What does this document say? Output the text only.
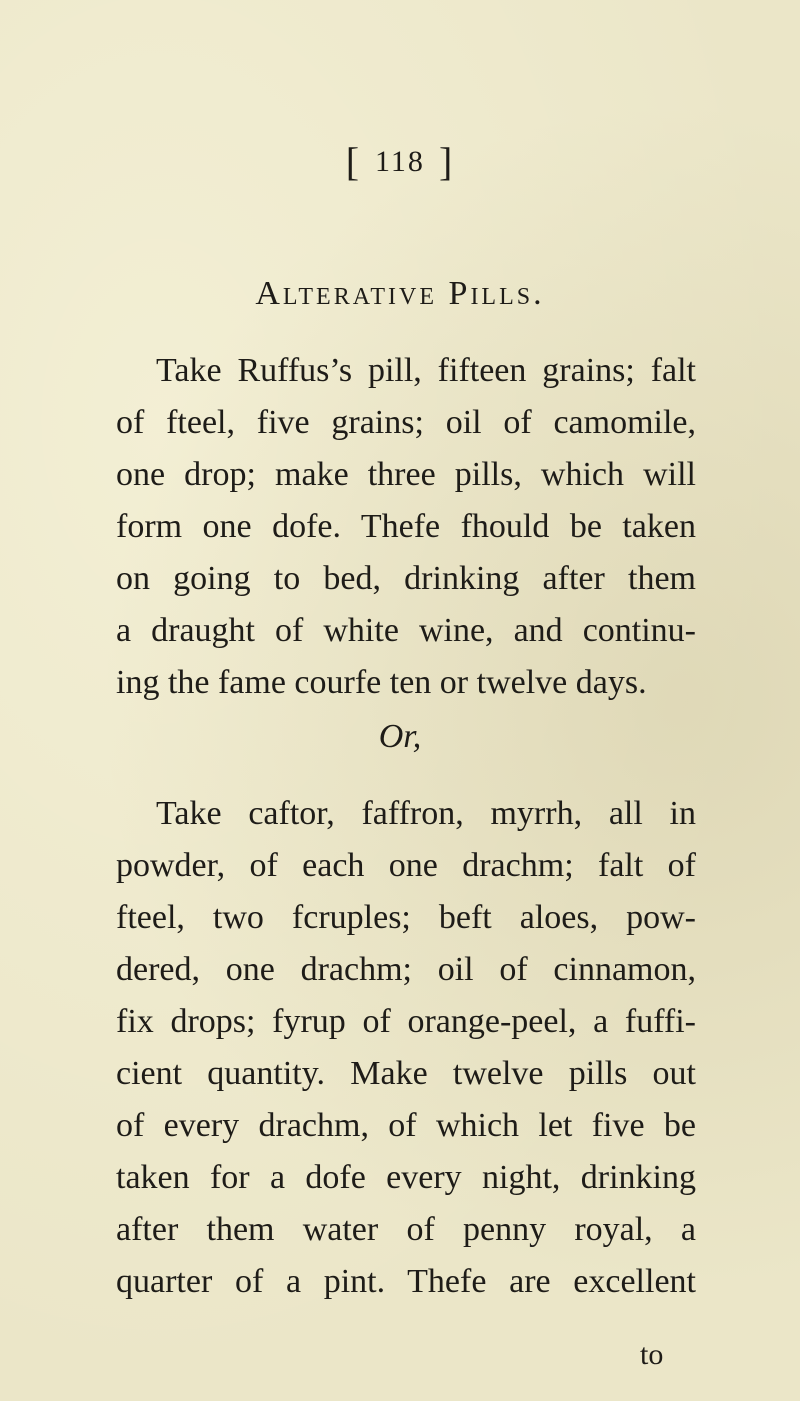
[ 118 ]
Alterative Pills.
Take Ruffus’s pill, fifteen grains; falt
of fteel, five grains; oil of camomile,
one drop; make three pills, which will
form one dofe. Thefe fhould be taken
on going to bed, drinking after them
a draught of white wine, and continu-
ing the fame courfe ten or twelve days.
Or,
Take caftor, faffron, myrrh, all in
powder, of each one drachm; falt of
fteel, two fcruples; beft aloes, pow-
dered, one drachm; oil of cinnamon,
fix drops; fyrup of orange-peel, a fuffi-
cient quantity. Make twelve pills out
of every drachm, of which let five be
taken for a dofe every night, drinking
after them water of penny royal, a
quarter of a pint. Thefe are excellent
to
